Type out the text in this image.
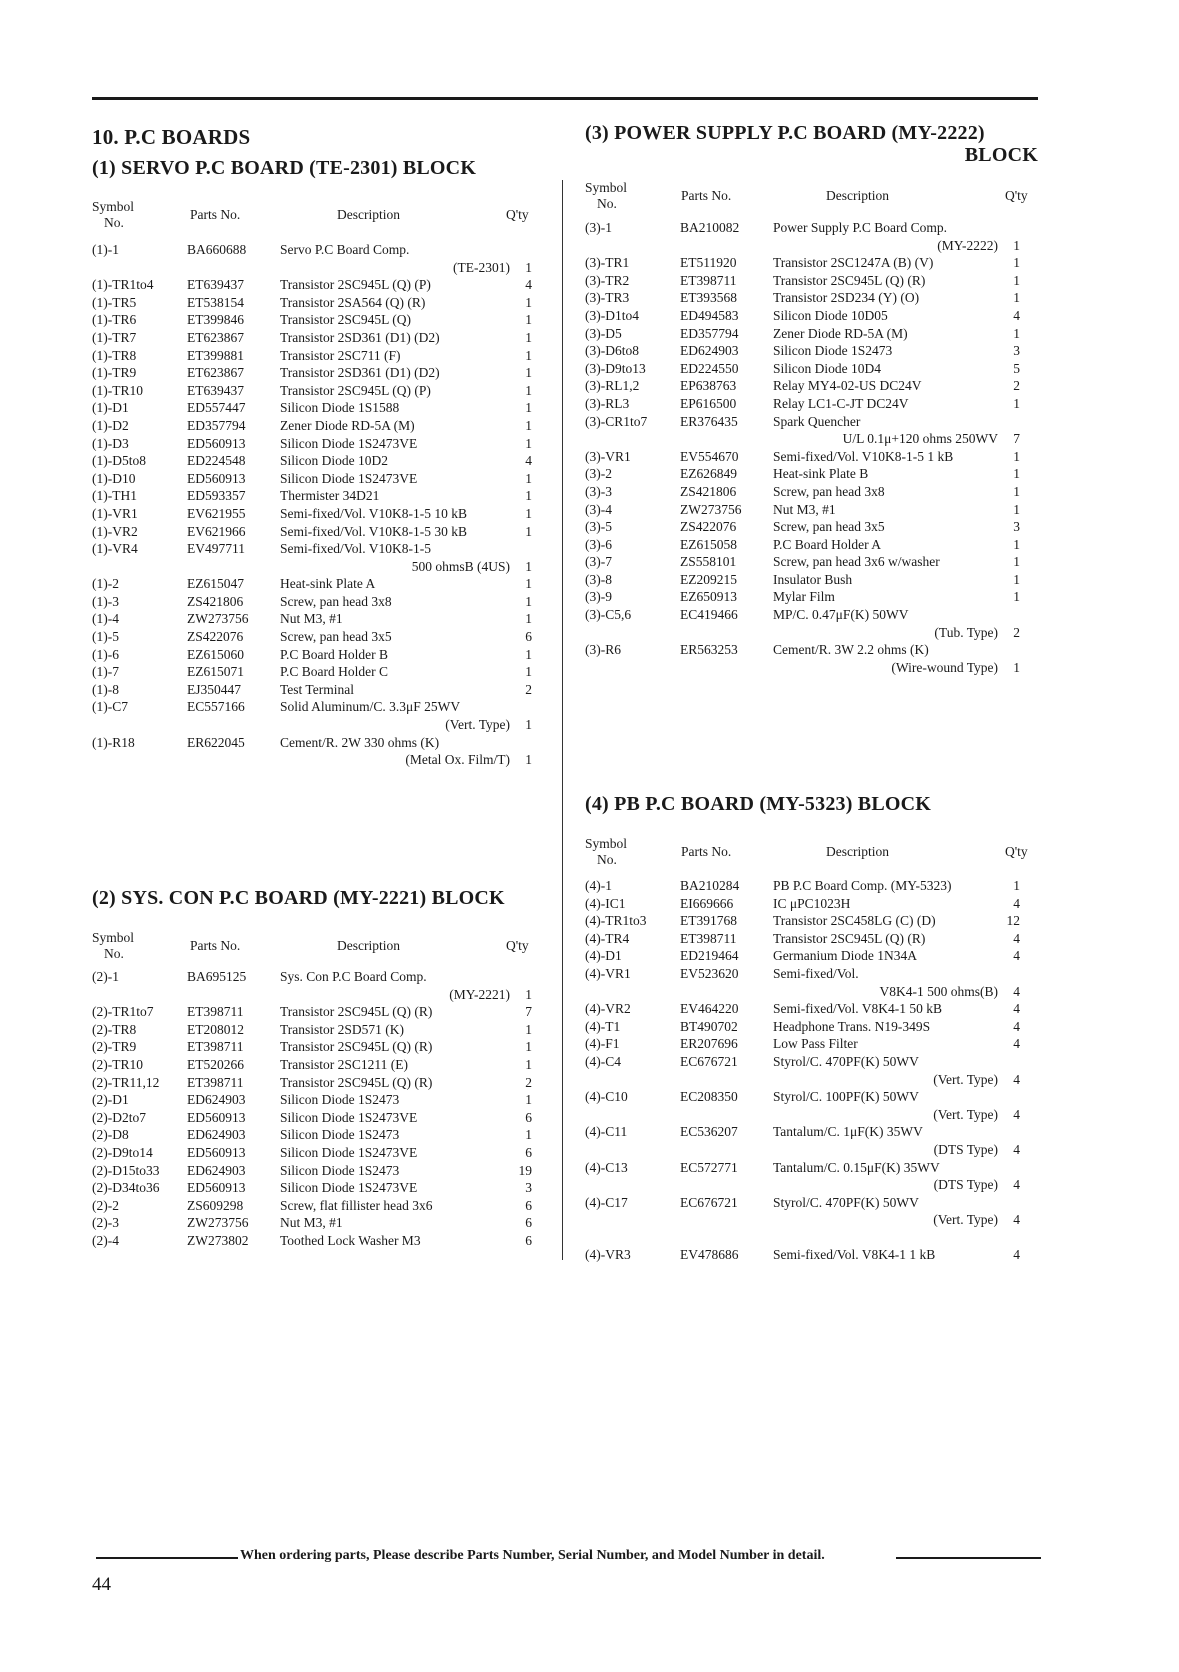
10. P.C BOARDS
(1) SERVO P.C BOARD (TE-2301) BLOCK
Symbol
No.
Parts No.	Description	Q'ty
(1)-1	BA660688 Servo P.C Board Comp.
(TE-2301) 1
(1)-TR1to4 ET639437	Transistor 2SC945L (Q) (P)	4
(1)-TR5	ET538154	Transistor 2SA564 (Q) (R)	1
(1)-TR6	ET399846	Transistor 2SC945L (Q)	1
(1)-TR7	ET623867	Transistor 2SD361 (D1) (D2)	1
(1)-TR8	ET399881	Transistor 2SC711 (F)	1
(1)-TR9	ET623867	Transistor 2SD361 (D1) (D2)	1
(1)-TR10	ET639437	Transistor 2SC945L (Q) (P)	1
(1)-D1	ED557447	Silicon Diode 1S1588	1
(1)-D2	ED357794	Zener Diode RD-5A (M)	1
(1)-D3	ED560913	Silicon Diode 1S2473VE	1
(1)-D5to8	ED224548	Silicon Diode 10D2	4
(1)-D10	ED560913	Silicon Diode 1S2473VE	1
(1)-TH1	ED593357	Thermister 34D21	1
(1)-VR1	EV621955	Semi-fixed/Vol. V10K8-1-5 10 kB	1
(1)-VR2	EV621966	Semi-fixed/Vol. V10K8-1-5 30 kB	1
(1)-VR4	EV497711	Semi-fixed/Vol. V10K8-1-5
500 ohmsB (4US) 1
(1)-2	EZ615047	Heat-sink Plate A	1
(1)-3	ZS421806	Screw, pan head 3x8	1
(1)-4	ZW273756 Nut M3, #1	1
(1)-5	ZS422076	Screw, pan head 3x5	6
(1)-6	EZ615060	P.C Board Holder B	1
(1)-7	EZ615071	P.C Board Holder C	1
(1)-8	EJ350447	Test Terminal	2
(1)-C7	EC557166	Solid Aluminum/C. 3.3μF 25WV
(Vert. Type) 1
(1)-R18	ER622045	Cement/R. 2W 330 ohms (K)
(Metal Ox. Film/T) 1
(2) SYS. CON P.C BOARD (MY-2221) BLOCK
Symbol
No.
Parts No.	Description	Q'ty
(2)-1	BA695125 Sys. Con P.C Board Comp.
(MY-2221) 1
(2)-TR1to7 ET398711	Transistor 2SC945L (Q) (R)	7
(2)-TR8	ET208012	Transistor 2SD571 (K)	1
(2)-TR9	ET398711	Transistor 2SC945L (Q) (R)	1
(2)-TR10	ET520266	Transistor 2SC1211 (E)	1
(2)-TR11,12 ET398711	Transistor 2SC945L (Q) (R)	2
(2)-D1	ED624903	Silicon Diode 1S2473	1
(2)-D2to7	ED560913	Silicon Diode 1S2473VE	6
(2)-D8	ED624903	Silicon Diode 1S2473	1
(2)-D9to14	ED560913	Silicon Diode 1S2473VE	6
(2)-D15to33 ED624903	Silicon Diode 1S2473	19
(2)-D34to36 ED560913	Silicon Diode 1S2473VE	3
(2)-2	ZS609298	Screw, flat fillister head 3x6	6
(2)-3	ZW273756 Nut M3, #1	6
(2)-4	ZW273802 Toothed Lock Washer M3	6
(3) POWER SUPPLY P.C BOARD (MY-2222)
BLOCK
Symbol
No.
Parts No.	Description	Q'ty
(3)-1	BA210082 Power Supply P.C Board Comp.
(MY-2222) 1
(3)-TR1	ET511920	Transistor 2SC1247A (B) (V)	1
(3)-TR2	ET398711	Transistor 2SC945L (Q) (R)	1
(3)-TR3	ET393568	Transistor 2SD234 (Y) (O)	1
(3)-D1to4	ED494583	Silicon Diode 10D05	4
(3)-D5	ED357794	Zener Diode RD-5A (M)	1
(3)-D6to8	ED624903	Silicon Diode 1S2473	3
(3)-D9to13	ED224550	Silicon Diode 10D4	5
(3)-RL1,2	EP638763	Relay MY4-02-US DC24V	2
(3)-RL3	EP616500	Relay LC1-C-JT DC24V	1
(3)-CR1to7 ER376435	Spark Quencher
U/L 0.1μ+120 ohms 250WV 7
(3)-VR1	EV554670	Semi-fixed/Vol. V10K8-1-5 1 kB	1
(3)-2	EZ626849	Heat-sink Plate B	1
(3)-3	ZS421806	Screw, pan head 3x8	1
(3)-4	ZW273756 Nut M3, #1	1
(3)-5	ZS422076	Screw, pan head 3x5	3
(3)-6	EZ615058	P.C Board Holder A	1
(3)-7	ZS558101	Screw, pan head 3x6 w/washer	1
(3)-8	EZ209215	Insulator Bush	1
(3)-9	EZ650913	Mylar Film	1
(3)-C5,6	EC419466	MP/C. 0.47μF(K) 50WV
(Tub. Type) 2
(3)-R6	ER563253	Cement/R. 3W 2.2 ohms (K)
(Wire-wound Type) 1
(4) PB P.C BOARD (MY-5323) BLOCK
Symbol
No.
Parts No.	Description	Q'ty
(4)-1	BA210284 PB P.C Board Comp. (MY-5323)	1
(4)-IC1	EI669666	IC μPC1023H	4
(4)-TR1to3 ET391768	Transistor 2SC458LG (C) (D)	12
(4)-TR4	ET398711	Transistor 2SC945L (Q) (R)	4
(4)-D1	ED219464	Germanium Diode 1N34A	4
(4)-VR1	EV523620	Semi-fixed/Vol.
V8K4-1 500 ohms(B) 4
(4)-VR2	EV464220	Semi-fixed/Vol. V8K4-1 50 kB	4
(4)-T1	BT490702	Headphone Trans. N19-349S	4
(4)-F1	ER207696	Low Pass Filter	4
(4)-C4	EC676721	Styrol/C. 470PF(K) 50WV
(Vert. Type) 4
(4)-C10	EC208350	Styrol/C. 100PF(K) 50WV
(Vert. Type) 4
(4)-C11	EC536207	Tantalum/C. 1μF(K) 35WV
(DTS Type) 4
(4)-C13	EC572771	Tantalum/C. 0.15μF(K) 35WV
(DTS Type) 4
(4)-C17	EC676721	Styrol/C. 470PF(K) 50WV
(Vert. Type) 4
(4)-VR3	EV478686	Semi-fixed/Vol. V8K4-1 1 kB	4
When ordering parts, Please describe Parts Number, Serial Number, and Model Number in detail.
44
